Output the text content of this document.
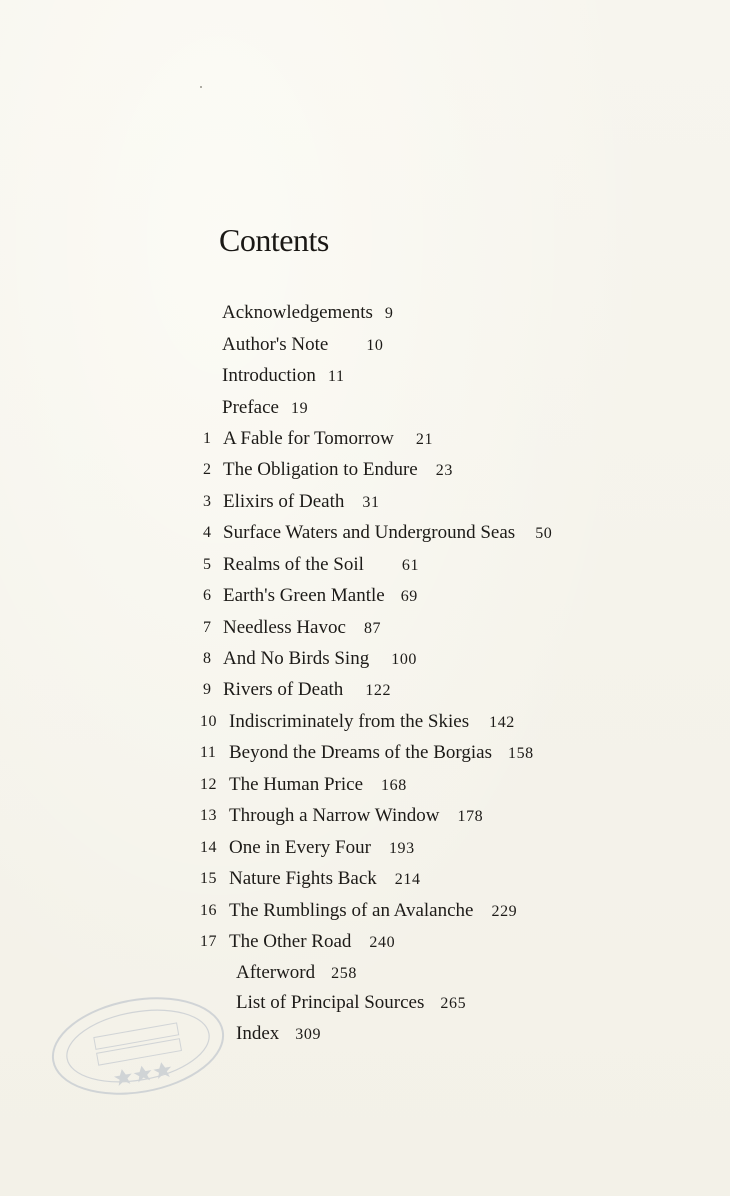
Contents
Acknowledgements 9
Author's Note 10
Introduction 11
Preface 19
1 A Fable for Tomorrow 21
2 The Obligation to Endure 23
3 Elixirs of Death 31
4 Surface Waters and Underground Seas 50
5 Realms of the Soil 61
6 Earth's Green Mantle 69
7 Needless Havoc 87
8 And No Birds Sing 100
9 Rivers of Death 122
10 Indiscriminately from the Skies 142
11 Beyond the Dreams of the Borgias 158
12 The Human Price 168
13 Through a Narrow Window 178
14 One in Every Four 193
15 Nature Fights Back 214
16 The Rumblings of an Avalanche 229
17 The Other Road 240
Afterword 258
List of Principal Sources 265
Index 309
